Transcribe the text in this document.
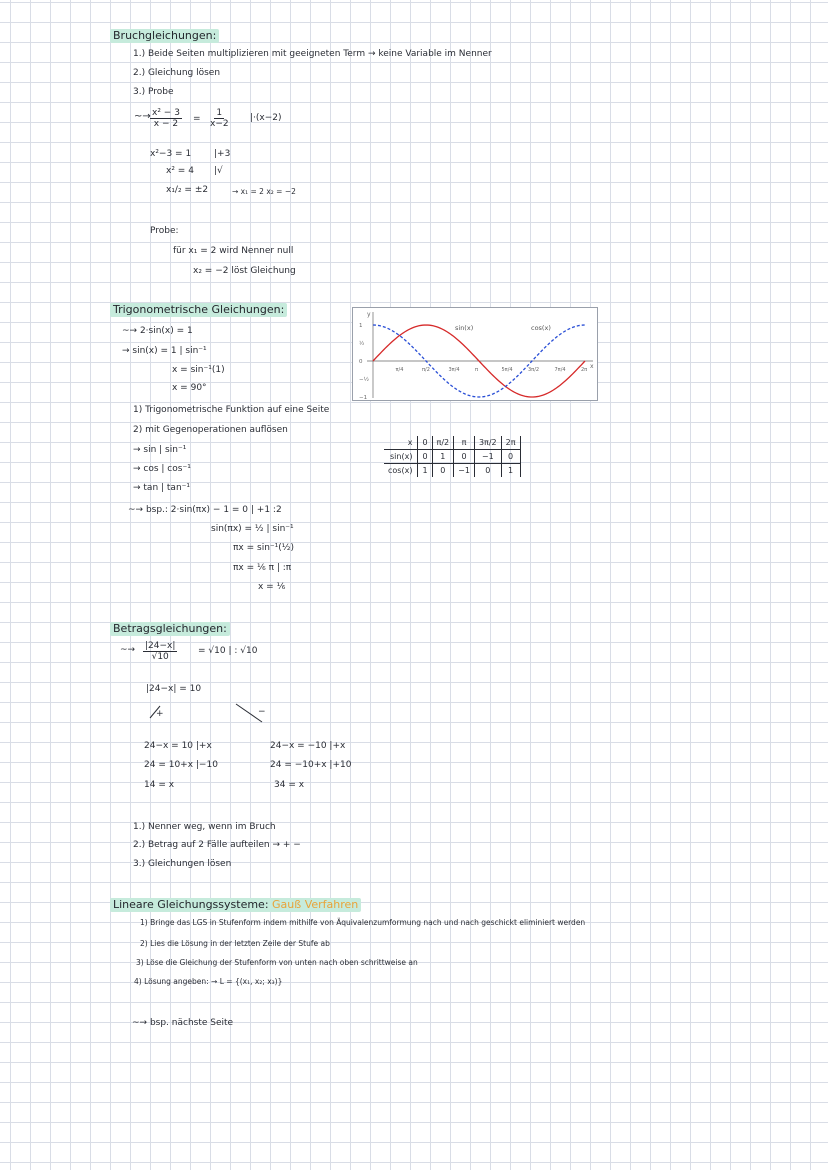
Bruchgleichungen:
1.) Beide Seiten multiplizieren mit geeigneten Term → keine Variable im Nenner
2.) Gleichung lösen
3.) Probe
~→ $\frac{\text{x² − 3}}{x - 2} = \frac{1}{x-2} |\cdot(x-2)$
x²−3 = 1	|+3
x² = 4 |√
x₁/₂ = ±2	→ x₁ = 2 x₂ = −2
Probe:
für x₁ = 2 wird Nenner null
x₂ = −2 löst Gleichung
Trigonometrische Gleichungen:
~→ 2·sin(x) = 1
→ sin(x) = 1 | sin⁻¹
x = sin⁻¹(1)
x = 90°
1) Trigonometrische Funktion auf eine Seite
2) mit Gegenoperationen auflösen
→ sin | sin⁻¹
→ cos | cos⁻¹
→ tan | tan⁻¹
~→ bsp.: 2·sin(πx) − 1 = 0 | +1 :2
sin(πx) = ½ | sin⁻¹
πx = sin⁻¹(½)
πx = ⅙ π | :π
x = ⅙
y
x
1
½
0
−½
−1
π/4	π/2	3π/4	π	5π/4	3π/2	7π/4	2π
sin(x)	cos(x)
x	0	π/2	π	3π/2	2π
sin(x)	0	1	0	−1	0
cos(x)	1	0	−1	0	1
Betragsgleichungen:
~→ $\frac{|24-x|}{√10} = √10$ | : √10
|24−x| = 10
+	−
24−x = 10 |+x
24 = 10+x |−10
14 = x
24−x = −10 |+x
24 = −10+x |+10
34 = x
1.) Nenner weg, wenn im Bruch
2.) Betrag auf 2 Fälle aufteilen → + −
3.) Gleichungen lösen
Lineare Gleichungssysteme: Gauß Verfahren
1) Bringe das LGS in Stufenform indem mithilfe von Äquivalenzumformung nach und nach geschickt eliminiert werden
2) Lies die Lösung in der letzten Zeile der Stufe ab
3) Löse die Gleichung der Stufenform von unten nach oben schrittweise an
4) Lösung angeben: → L = {(x₁, x₂; x₃)}
~→ bsp. nächste Seite
